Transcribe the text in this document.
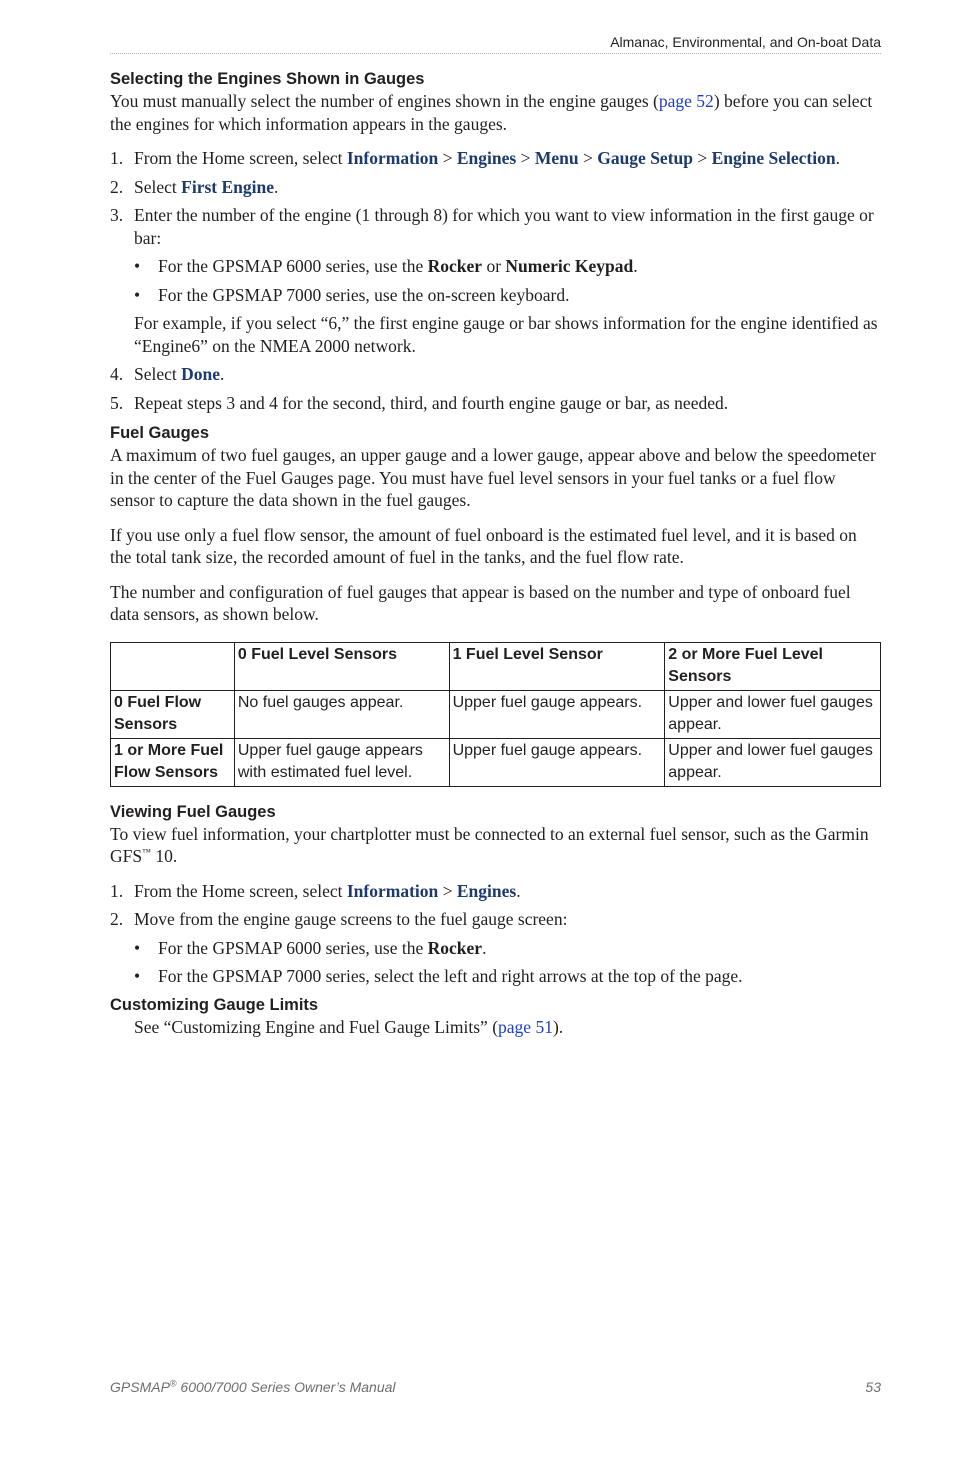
Almanac, Environmental, and On-boat Data
Selecting the Engines Shown in Gauges

You must manually select the number of engines shown in the engine gauges (page 52) before you can select the engines for which information appears in the gauges.

1. From the Home screen, select Information > Engines > Menu > Gauge Setup > Engine Selection.
2. Select First Engine.
3. Enter the number of the engine (1 through 8) for which you want to view information in the first gauge or bar:
• For the GPSMAP 6000 series, use the Rocker or Numeric Keypad.
• For the GPSMAP 7000 series, use the on-screen keyboard.
For example, if you select “6,” the first engine gauge or bar shows information for the engine identified as “Engine6” on the NMEA 2000 network.
4. Select Done.
5. Repeat steps 3 and 4 for the second, third, and fourth engine gauge or bar, as needed.
Fuel Gauges

A maximum of two fuel gauges, an upper gauge and a lower gauge, appear above and below the speedometer in the center of the Fuel Gauges page. You must have fuel level sensors in your fuel tanks or a fuel flow sensor to capture the data shown in the fuel gauges.

If you use only a fuel flow sensor, the amount of fuel onboard is the estimated fuel level, and it is based on the total tank size, the recorded amount of fuel in the tanks, and the fuel flow rate.

The number and configuration of fuel gauges that appear is based on the number and type of onboard fuel data sensors, as shown below.

	0 Fuel Level Sensors	1 Fuel Level Sensor	2 or More Fuel Level Sensors
0 Fuel Flow Sensors	No fuel gauges appear.	Upper fuel gauge appears.	Upper and lower fuel gauges appear.
1 or More Fuel Flow Sensors	Upper fuel gauge appears with estimated fuel level.	Upper fuel gauge appears.	Upper and lower fuel gauges appear.
Viewing Fuel Gauges

To view fuel information, your chartplotter must be connected to an external fuel sensor, such as the Garmin GFS™ 10.

1. From the Home screen, select Information > Engines.
2. Move from the engine gauge screens to the fuel gauge screen:
• For the GPSMAP 6000 series, use the Rocker.
• For the GPSMAP 7000 series, select the left and right arrows at the top of the page.
Customizing Gauge Limits

See “Customizing Engine and Fuel Gauge Limits” (page 51).

GPSMAP® 6000/7000 Series Owner’s Manual	53
